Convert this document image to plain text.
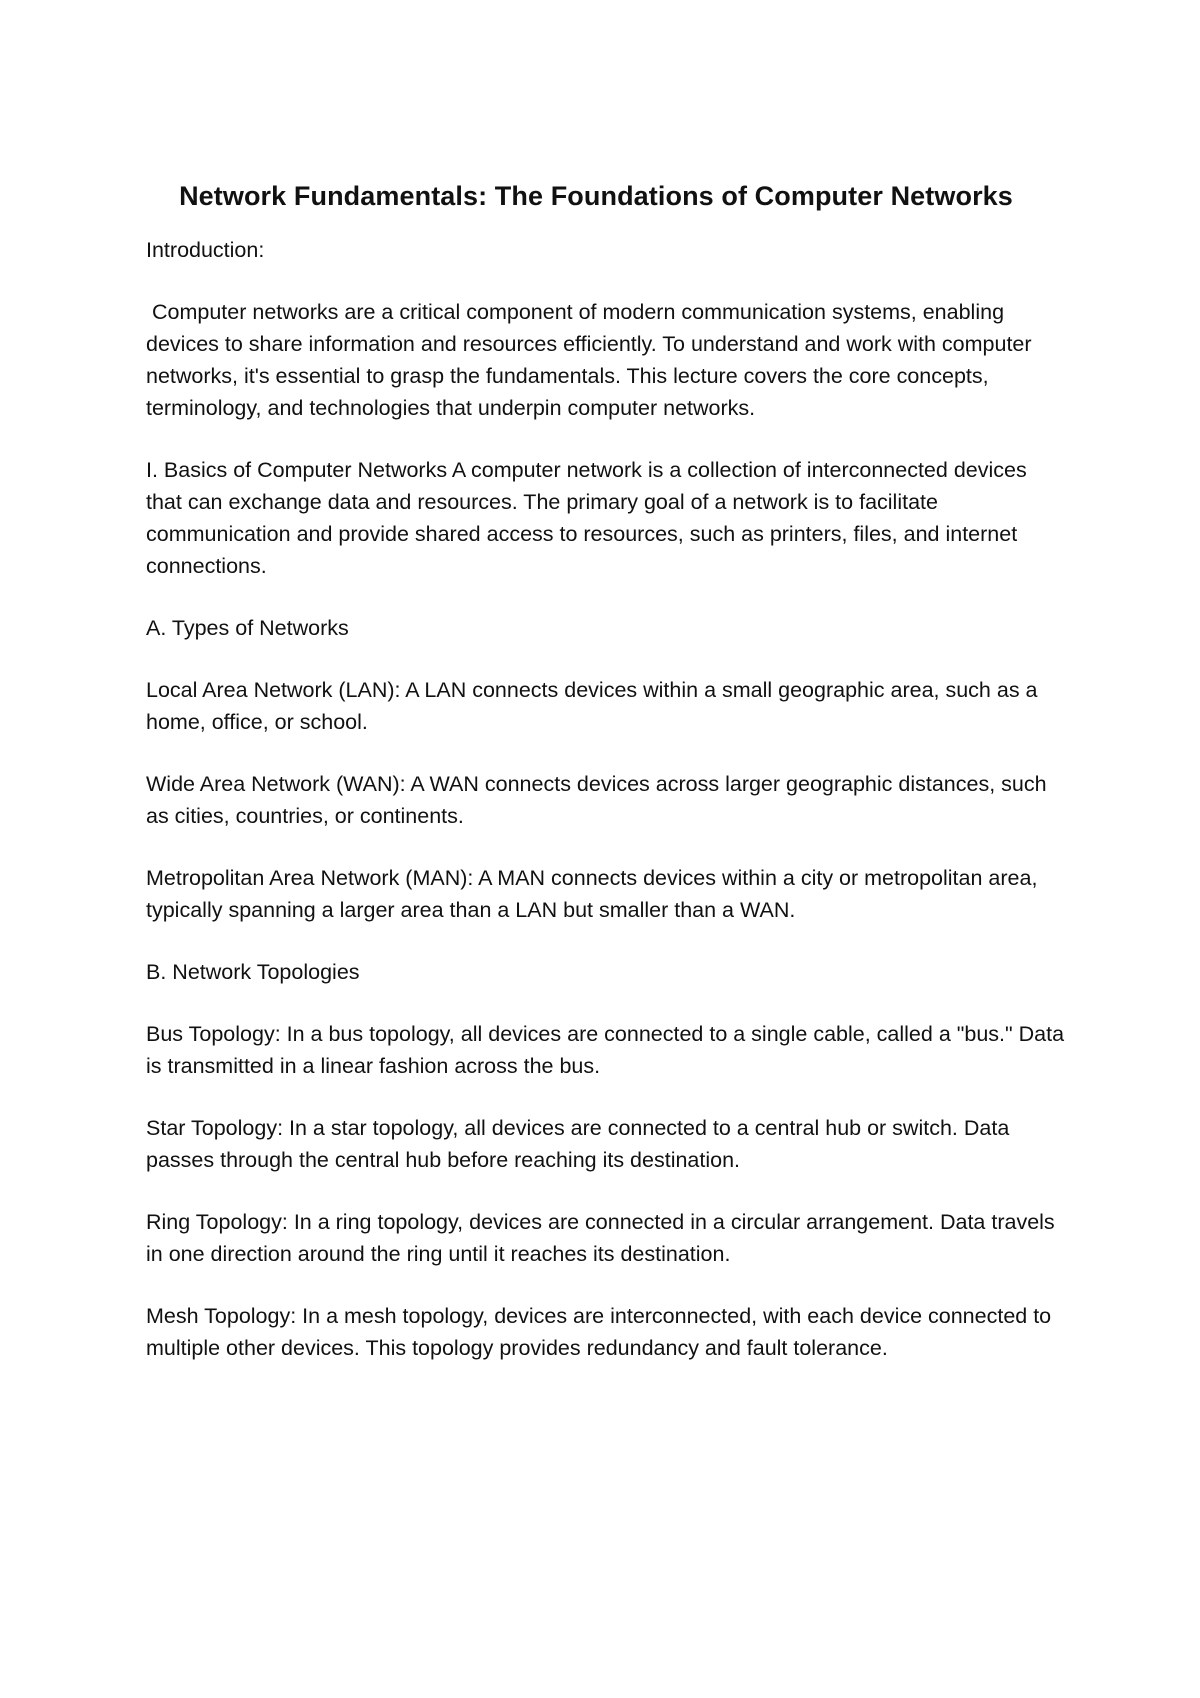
Network Fundamentals: The Foundations of Computer Networks

Introduction:

Computer networks are a critical component of modern communication systems, enabling devices to share information and resources efficiently. To understand and work with computer networks, it's essential to grasp the fundamentals. This lecture covers the core concepts, terminology, and technologies that underpin computer networks.

I. Basics of Computer Networks A computer network is a collection of interconnected devices that can exchange data and resources. The primary goal of a network is to facilitate communication and provide shared access to resources, such as printers, files, and internet connections.

A. Types of Networks

Local Area Network (LAN): A LAN connects devices within a small geographic area, such as a home, office, or school.

Wide Area Network (WAN): A WAN connects devices across larger geographic distances, such as cities, countries, or continents.

Metropolitan Area Network (MAN): A MAN connects devices within a city or metropolitan area, typically spanning a larger area than a LAN but smaller than a WAN.

B. Network Topologies

Bus Topology: In a bus topology, all devices are connected to a single cable, called a "bus." Data is transmitted in a linear fashion across the bus.

Star Topology: In a star topology, all devices are connected to a central hub or switch. Data passes through the central hub before reaching its destination.

Ring Topology: In a ring topology, devices are connected in a circular arrangement. Data travels in one direction around the ring until it reaches its destination.

Mesh Topology: In a mesh topology, devices are interconnected, with each device connected to multiple other devices. This topology provides redundancy and fault tolerance.
